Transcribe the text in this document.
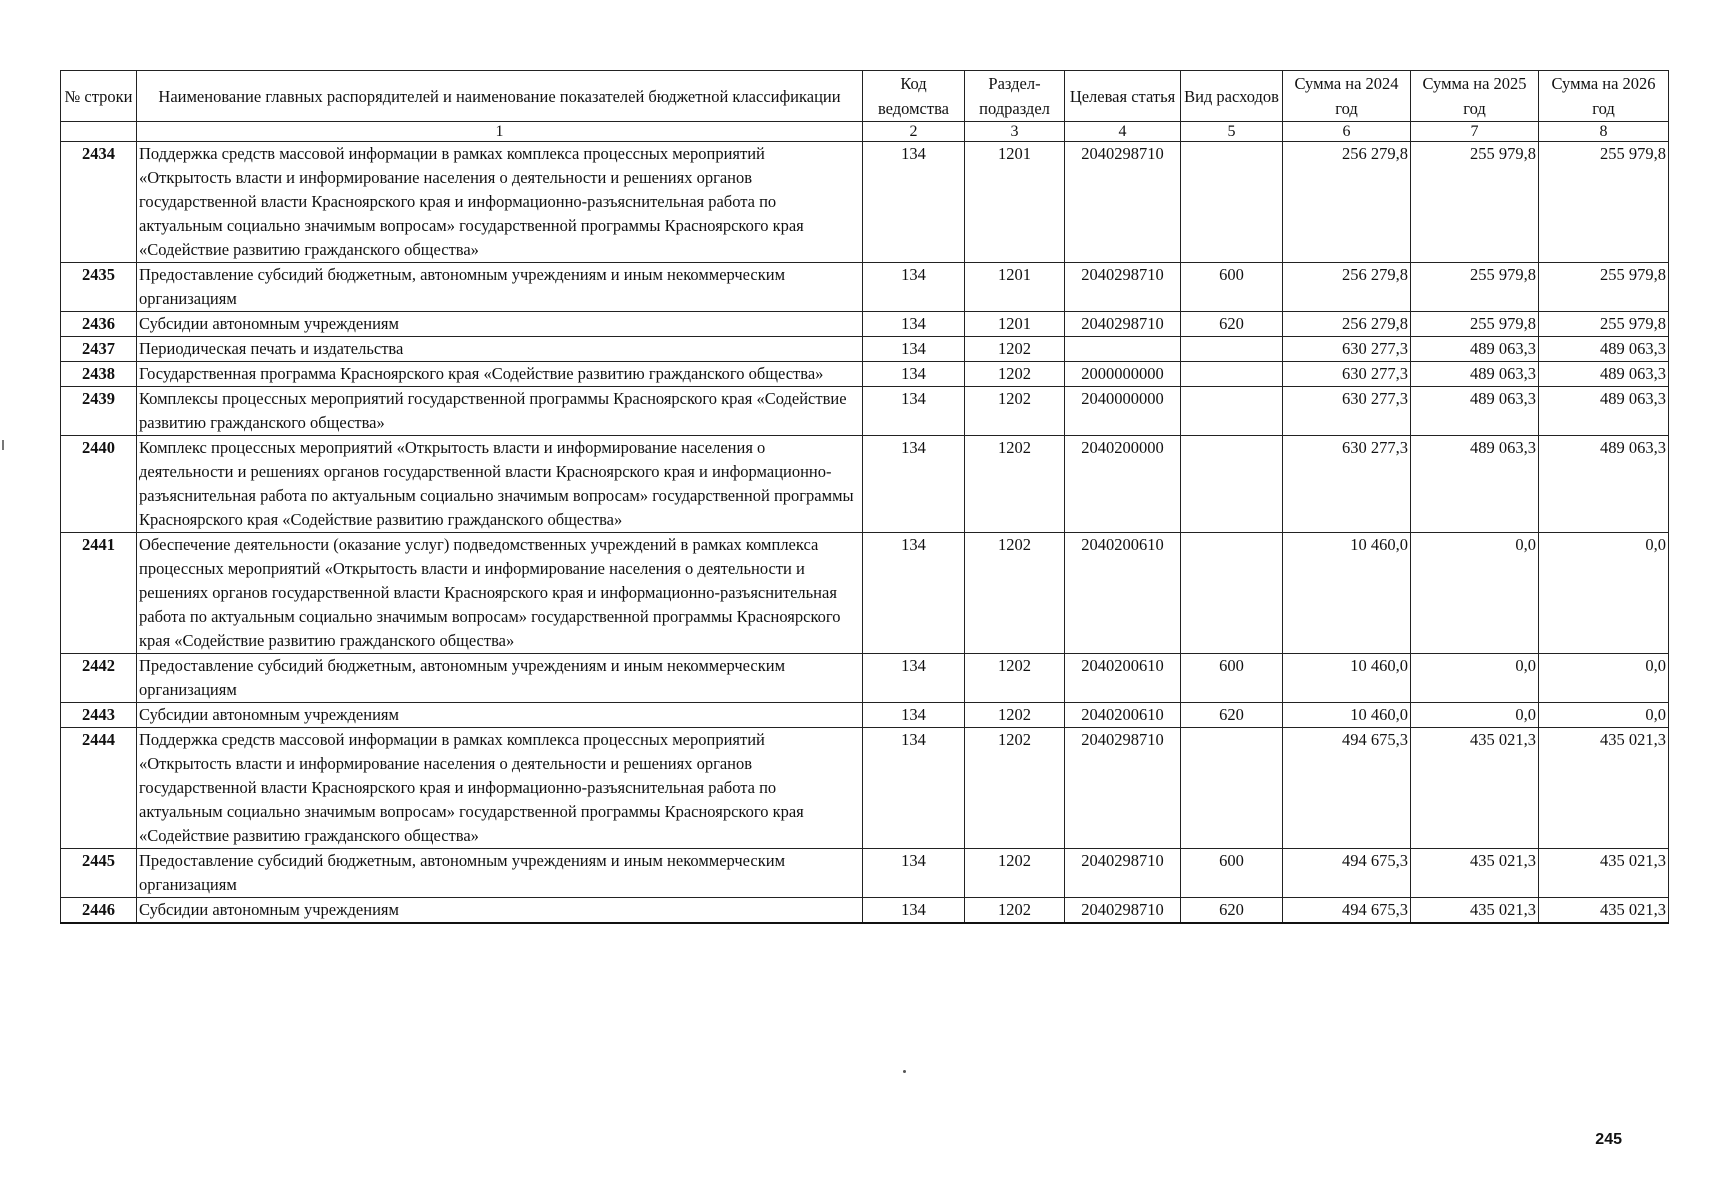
№ строки	Наименование главных распорядителей и наименование показателей бюджетной классификации	Код ведомства	Раздел-подраздел	Целевая статья	Вид расходов	Сумма на 2024 год	Сумма на 2025 год	Сумма на 2026 год
	1	2	3	4	5	6	7	8
2434	Поддержка средств массовой информации в рамках комплекса процессных мероприятий «Открытость власти и информирование населения о деятельности и решениях органов государственной власти Красноярского края и информационно-разъяснительная работа по актуальным социально значимым вопросам» государственной программы Красноярского края «Содействие развитию гражданского общества»	134	1201	2040298710		256 279,8	255 979,8	255 979,8
2435	Предоставление субсидий бюджетным, автономным учреждениям и иным некоммерческим организациям	134	1201	2040298710	600	256 279,8	255 979,8	255 979,8
2436	Субсидии автономным учреждениям	134	1201	2040298710	620	256 279,8	255 979,8	255 979,8
2437	Периодическая печать и издательства	134	1202			630 277,3	489 063,3	489 063,3
2438	Государственная программа Красноярского края «Содействие развитию гражданского общества»	134	1202	2000000000		630 277,3	489 063,3	489 063,3
2439	Комплексы процессных мероприятий государственной программы Красноярского края «Содействие развитию гражданского общества»	134	1202	2040000000		630 277,3	489 063,3	489 063,3
2440	Комплекс процессных мероприятий «Открытость власти и информирование населения о деятельности и решениях органов государственной власти Красноярского края и информационно-разъяснительная работа по актуальным социально значимым вопросам» государственной программы Красноярского края «Содействие развитию гражданского общества»	134	1202	2040200000		630 277,3	489 063,3	489 063,3
2441	Обеспечение деятельности (оказание услуг) подведомственных учреждений в рамках комплекса процессных мероприятий «Открытость власти и информирование населения о деятельности и решениях органов государственной власти Красноярского края и информационно-разъяснительная работа по актуальным социально значимым вопросам» государственной программы Красноярского края «Содействие развитию гражданского общества»	134	1202	2040200610		10 460,0	0,0	0,0
2442	Предоставление субсидий бюджетным, автономным учреждениям и иным некоммерческим организациям	134	1202	2040200610	600	10 460,0	0,0	0,0
2443	Субсидии автономным учреждениям	134	1202	2040200610	620	10 460,0	0,0	0,0
2444	Поддержка средств массовой информации в рамках комплекса процессных мероприятий «Открытость власти и информирование населения о деятельности и решениях органов государственной власти Красноярского края и информационно-разъяснительная работа по актуальным социально значимым вопросам» государственной программы Красноярского края «Содействие развитию гражданского общества»	134	1202	2040298710		494 675,3	435 021,3	435 021,3
2445	Предоставление субсидий бюджетным, автономным учреждениям и иным некоммерческим организациям	134	1202	2040298710	600	494 675,3	435 021,3	435 021,3
2446	Субсидии автономным учреждениям	134	1202	2040298710	620	494 675,3	435 021,3	435 021,3
245
